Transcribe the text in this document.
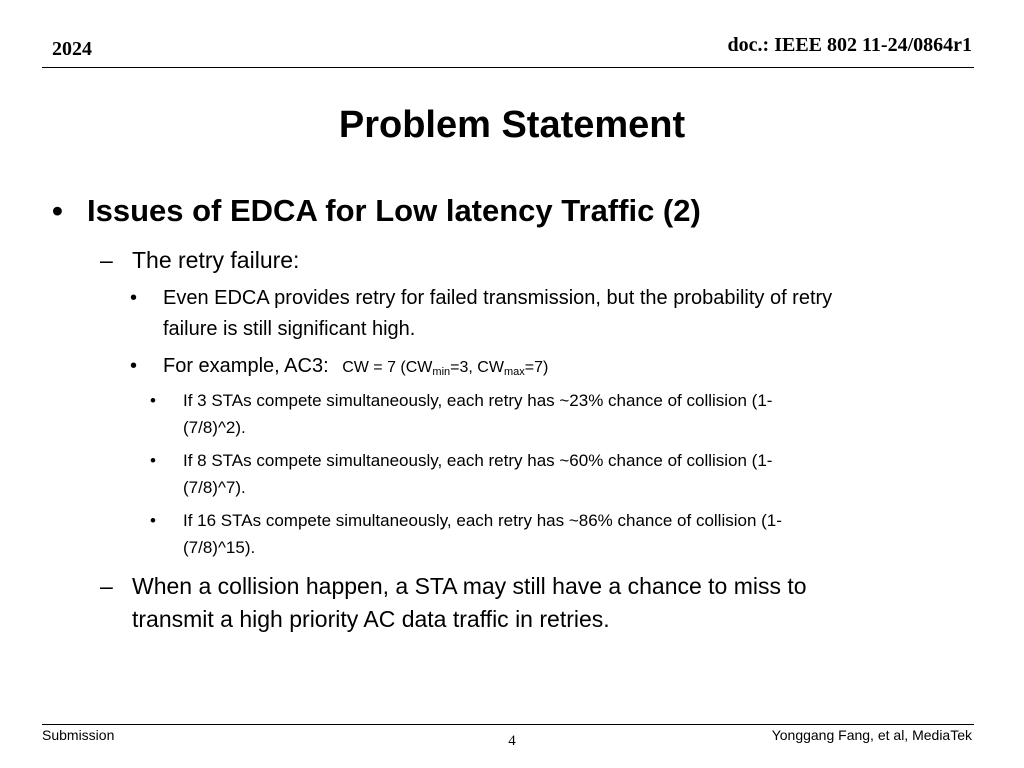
2024	doc.: IEEE 802 11-24/0864r1
Problem Statement
• Issues of EDCA for Low latency Traffic (2)
– The retry failure:
• Even EDCA provides retry for failed transmission, but the probability of retry
failure is still significant high.
• For example, AC3: CW = 7 ($CW_{min}=3$, $CW_{max}=7$)
• If 3 STAs compete simultaneously, each retry has ~23% chance of collision (1-
(7/8)^2).
• If 8 STAs compete simultaneously, each retry has ~60% chance of collision (1-
(7/8)^7).
• If 16 STAs compete simultaneously, each retry has ~86% chance of collision (1-
(7/8)^15).
– When a collision happen, a STA may still have a chance to miss to
transmit a high priority AC data traffic in retries.
Submission	4	Yonggang Fang, et al, MediaTek
